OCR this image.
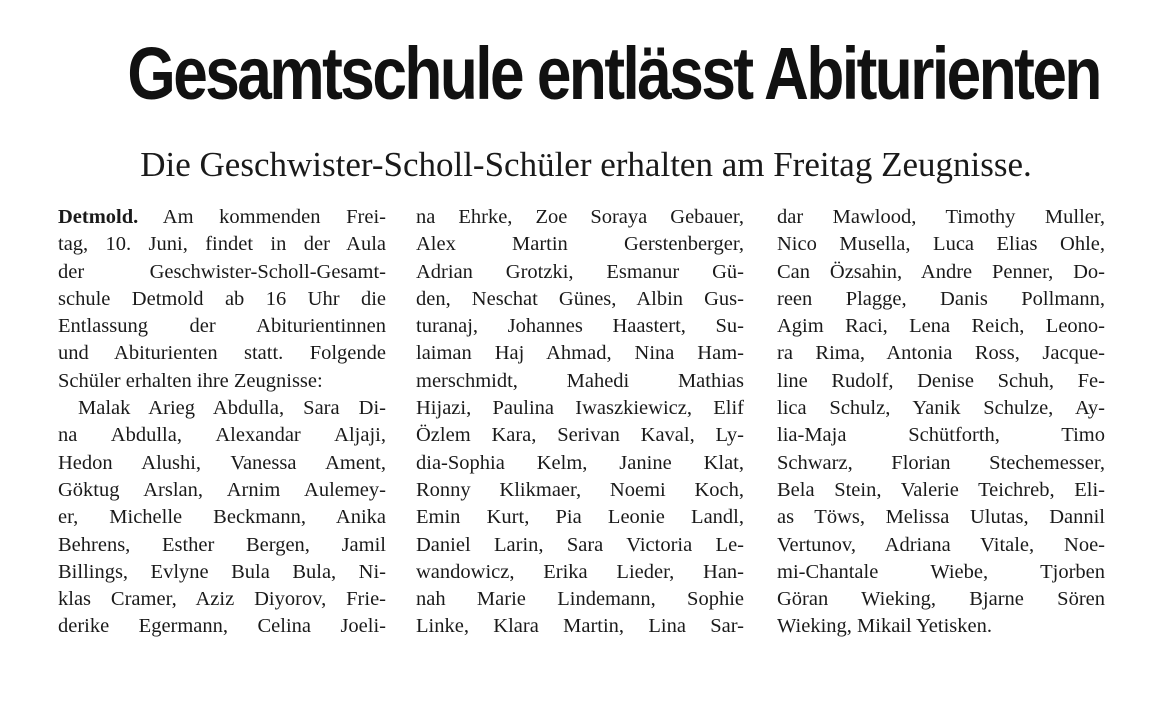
Gesamtschule entlässt Abiturienten
Die Geschwister-Scholl-Schüler erhalten am Freitag Zeugnisse.
Detmold. Am kommenden Frei-
tag, 10. Juni, findet in der Aula
der Geschwister-Scholl-Gesamt-
schule Detmold ab 16 Uhr die
Entlassung der Abiturientinnen
und Abiturienten statt. Folgende
Schüler erhalten ihre Zeugnisse:
Malak Arieg Abdulla, Sara Di-
na Abdulla, Alexandar Aljaji,
Hedon Alushi, Vanessa Ament,
Göktug Arslan, Arnim Aulemey-
er, Michelle Beckmann, Anika
Behrens, Esther Bergen, Jamil
Billings, Evlyne Bula Bula, Ni-
klas Cramer, Aziz Diyorov, Frie-
derike Egermann, Celina Joeli-
na Ehrke, Zoe Soraya Gebauer,
Alex Martin Gerstenberger,
Adrian Grotzki, Esmanur Gü-
den, Neschat Günes, Albin Gus-
turanaj, Johannes Haastert, Su-
laiman Haj Ahmad, Nina Ham-
merschmidt, Mahedi Mathias
Hijazi, Paulina Iwaszkiewicz, Elif
Özlem Kara, Serivan Kaval, Ly-
dia-Sophia Kelm, Janine Klat,
Ronny Klikmaer, Noemi Koch,
Emin Kurt, Pia Leonie Landl,
Daniel Larin, Sara Victoria Le-
wandowicz, Erika Lieder, Han-
nah Marie Lindemann, Sophie
Linke, Klara Martin, Lina Sar-
dar Mawlood, Timothy Muller,
Nico Musella, Luca Elias Ohle,
Can Özsahin, Andre Penner, Do-
reen Plagge, Danis Pollmann,
Agim Raci, Lena Reich, Leono-
ra Rima, Antonia Ross, Jacque-
line Rudolf, Denise Schuh, Fe-
lica Schulz, Yanik Schulze, Ay-
lia-Maja Schütforth, Timo
Schwarz, Florian Stechemesser,
Bela Stein, Valerie Teichreb, Eli-
as Töws, Melissa Ulutas, Dannil
Vertunov, Adriana Vitale, Noe-
mi-Chantale Wiebe, Tjorben
Göran Wieking, Bjarne Sören
Wieking, Mikail Yetisken.
